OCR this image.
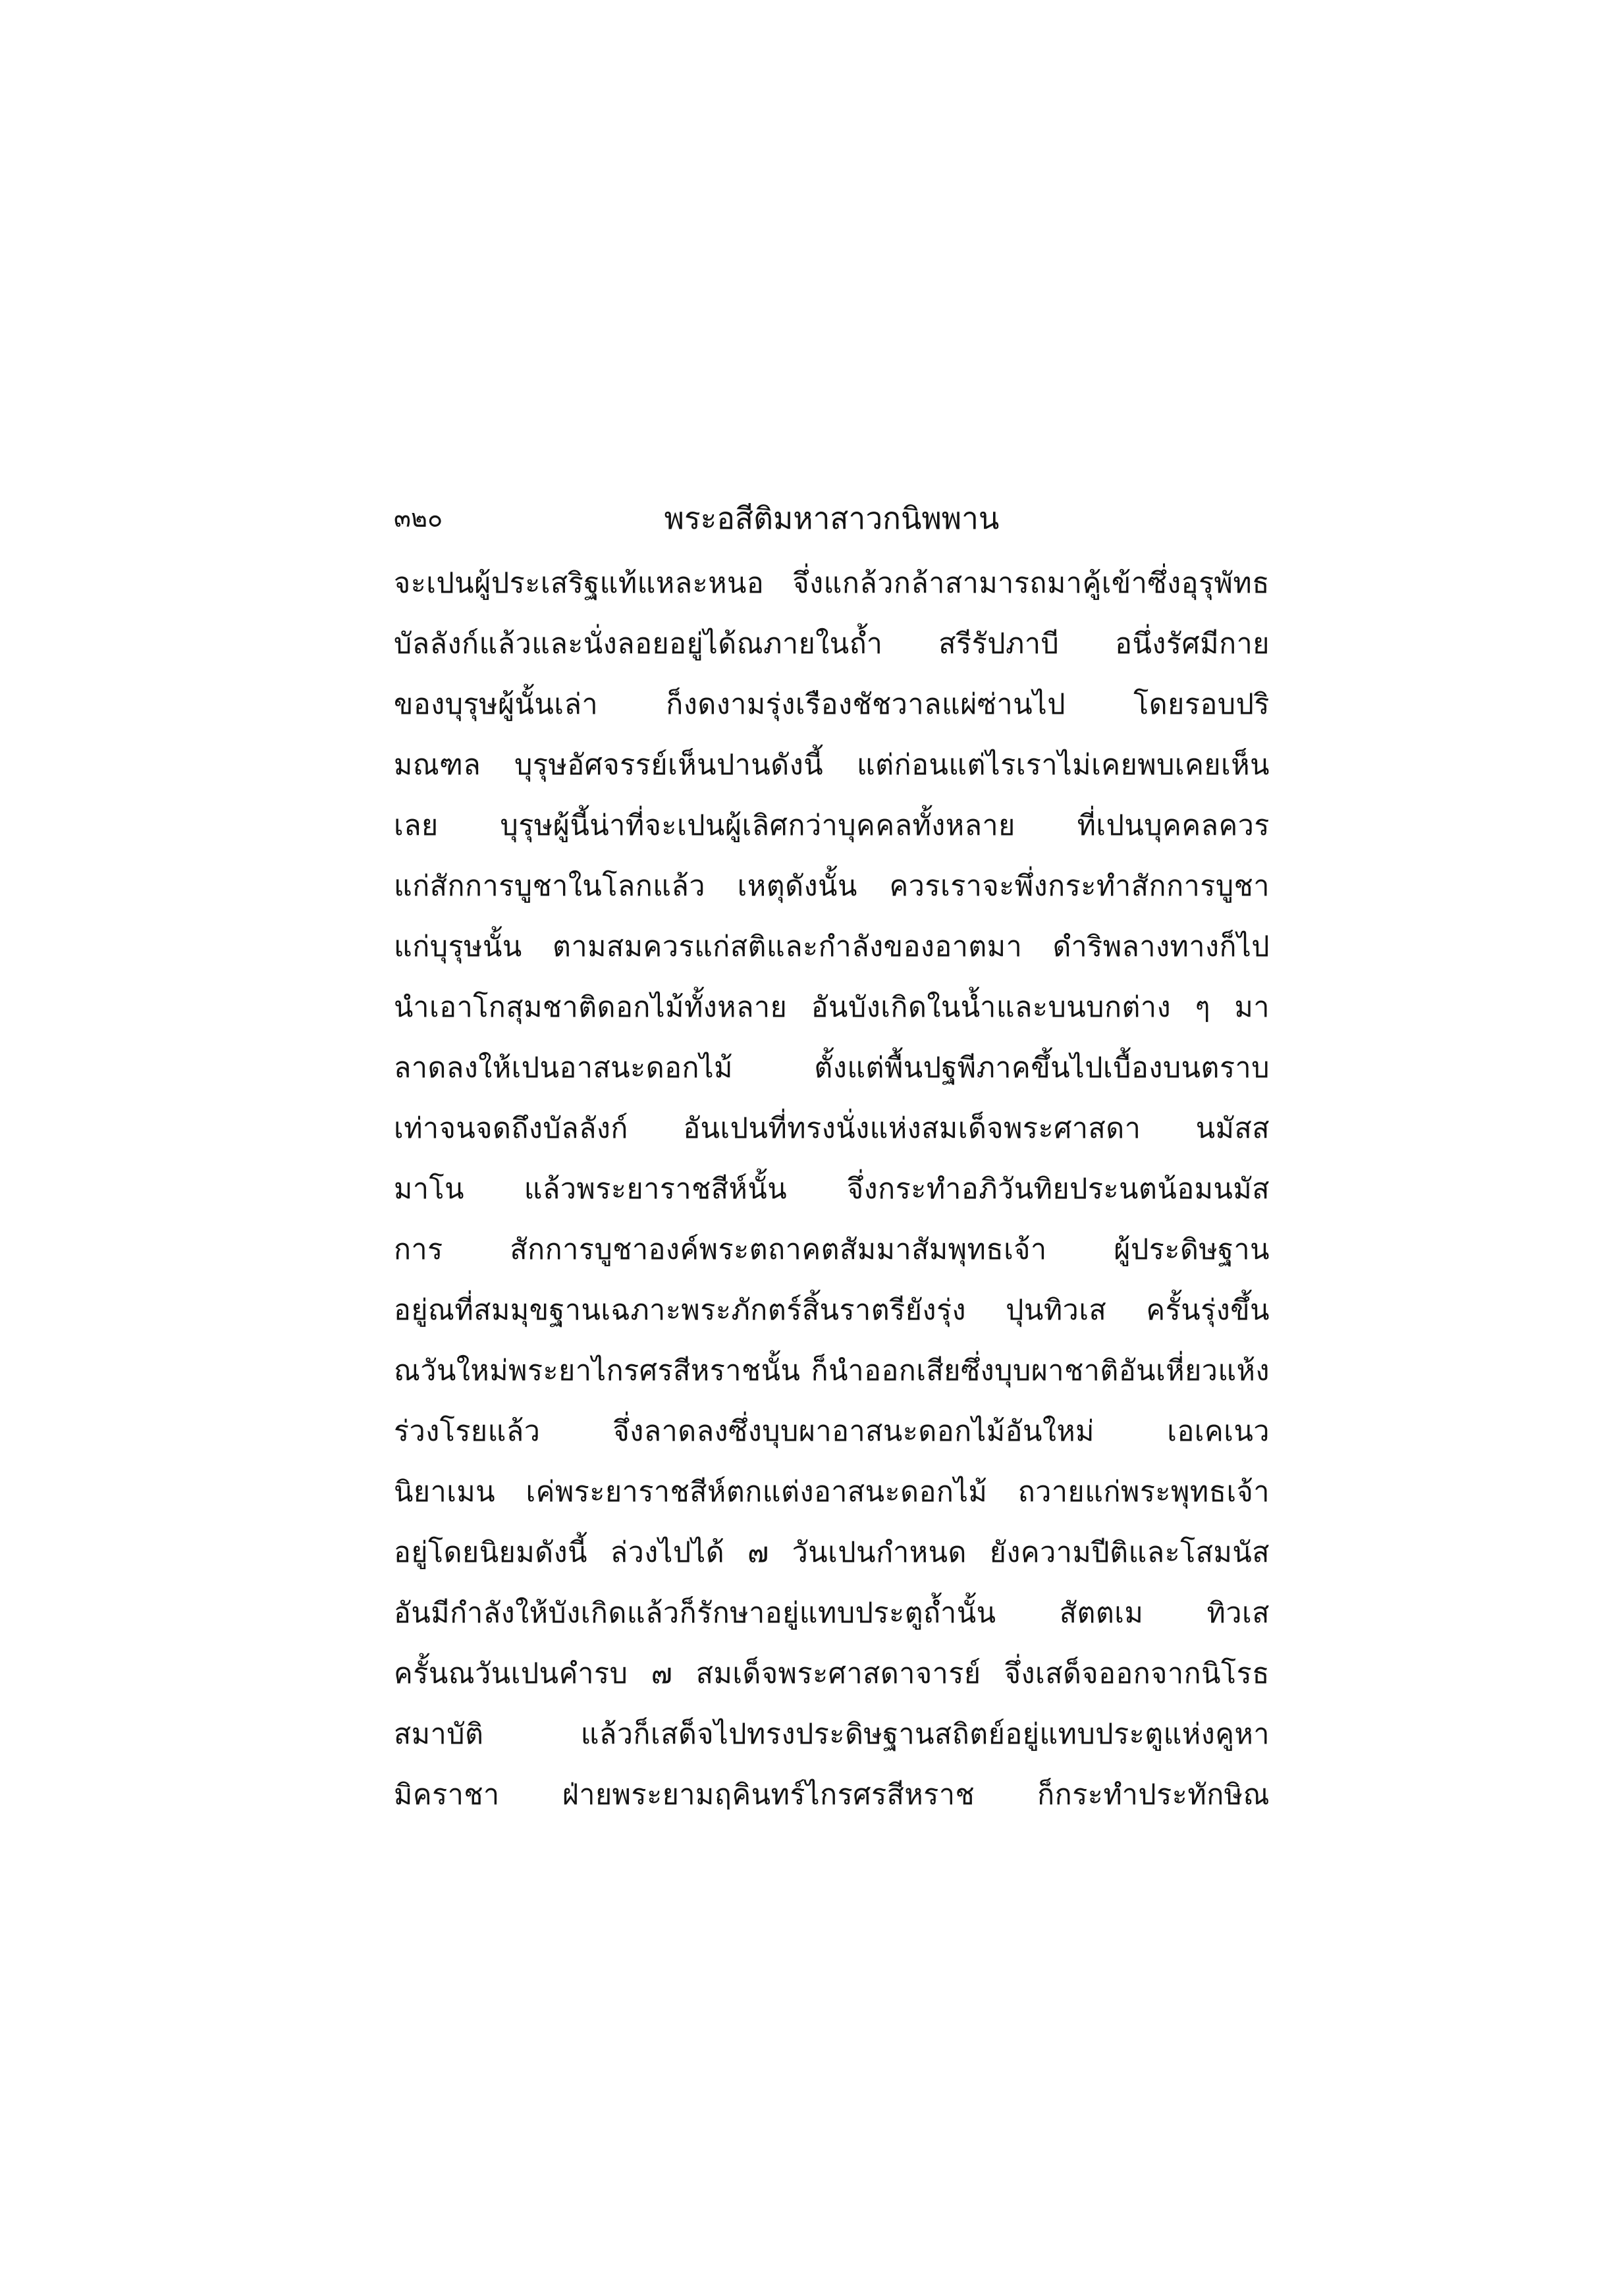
๓๒๐	พระอสีติมหาสาวกนิพพาน
จะเปนผู้ประเสริฐแท้แหละหนอ จึ่งแกล้วกล้าสามารถมาคู้เข้าซึ่งอุรุพัทธ
บัลลังก์แล้วและนั่งลอยอยู่ได้ณภายในถ้ำ สรีรัปภาบี อนึ่งรัศมีกาย
ของบุรุษผู้นั้นเล่า ก็งดงามรุ่งเรืองชัชวาลแผ่ซ่านไป โดยรอบปริ
มณฑล บุรุษอัศจรรย์เห็นปานดังนี้ แต่ก่อนแต่ไรเราไม่เคยพบเคยเห็น
เลย บุรุษผู้นี้น่าที่จะเปนผู้เลิศกว่าบุคคลทั้งหลาย ที่เปนบุคคลควร
แก่สักการบูชาในโลกแล้ว เหตุดังนั้น ควรเราจะพึ่งกระทำสักการบูชา
แก่บุรุษนั้น ตามสมควรแก่สติและกำลังของอาตมา ดำริพลางทางก็ไป
นำเอาโกสุมชาติดอกไม้ทั้งหลาย อันบังเกิดในน้ำและบนบกต่าง ๆ มา
ลาดลงให้เปนอาสนะดอกไม้ ตั้งแต่พื้นปฐพีภาคขึ้นไปเบื้องบนตราบ
เท่าจนจดถึงบัลลังก์ อันเปนที่ทรงนั่งแห่งสมเด็จพระศาสดา นมัสส
มาโน แล้วพระยาราชสีห์นั้น จึ่งกระทำอภิวันทิยประนตน้อมนมัส
การ สักการบูชาองค์พระตถาคตสัมมาสัมพุทธเจ้า ผู้ประดิษฐาน
อยู่ณที่สมมุขฐานเฉภาะพระภักตร์สิ้นราตรียังรุ่ง ปุนทิวเส ครั้นรุ่งขึ้น
ณวันใหม่พระยาไกรศรสีหราชนั้น ก็นำออกเสียซึ่งบุบผาชาติอันเหี่ยวแห้ง
ร่วงโรยแล้ว จึ่งลาดลงซึ่งบุบผาอาสนะดอกไม้อันใหม่ เอเคเนว
นิยาเมน เค่พระยาราชสีห์ตกแต่งอาสนะดอกไม้ ถวายแก่พระพุทธเจ้า
อยู่โดยนิยมดังนี้ ล่วงไปได้ ๗ วันเปนกำหนด ยังความปีติและโสมนัส
อันมีกำลังให้บังเกิดแล้วก็รักษาอยู่แทบประตูถ้ำนั้น สัตตเม ทิวเส
ครั้นณวันเปนคำรบ ๗ สมเด็จพระศาสดาจารย์ จึ่งเสด็จออกจากนิโรธ
สมาบัติ แล้วก็เสด็จไปทรงประดิษฐานสถิตย์อยู่แทบประตูแห่งคูหา
มิคราชา ฝ่ายพระยามฤคินทร์ไกรศรสีหราช ก็กระทำประทักษิณ
